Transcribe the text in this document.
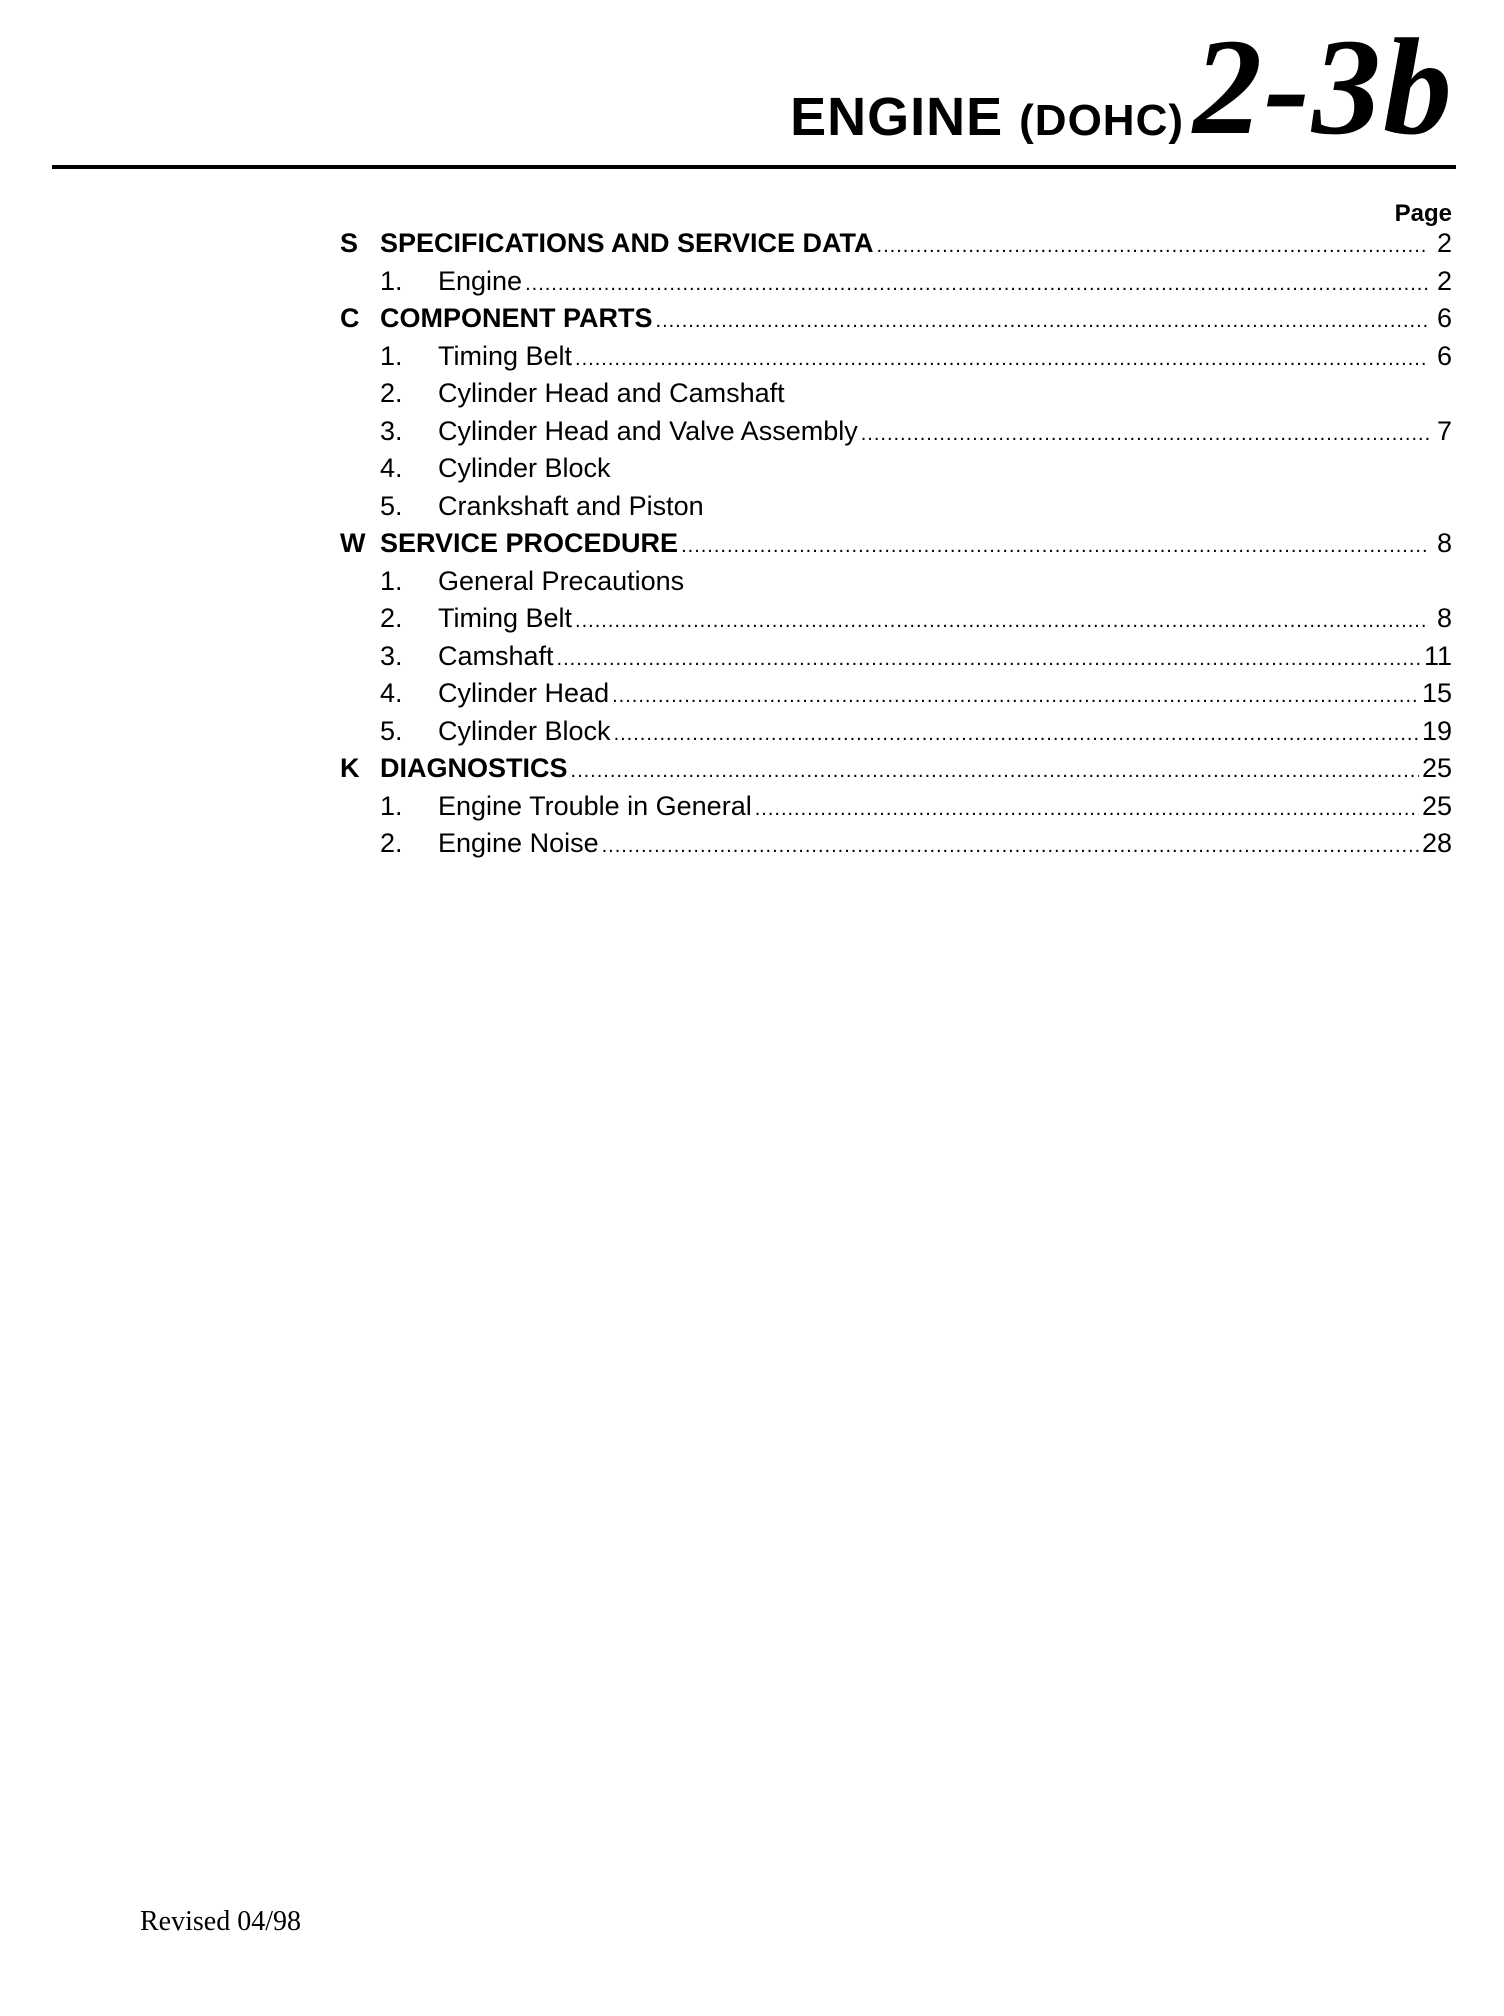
ENGINE (DOHC) 2-3b
Page
S SPECIFICATIONS AND SERVICE DATA .....	2
1.	Engine .....	2
C COMPONENT PARTS .....	6
1.	Timing Belt .....	6
2.	Cylinder Head and Camshaft
3.	Cylinder Head and Valve Assembly .....	7
4.	Cylinder Block
5.	Crankshaft and Piston
W SERVICE PROCEDURE .....	8
1.	General Precautions
2.	Timing Belt .....	8
3.	Camshaft .....	11
4.	Cylinder Head .....	15
5.	Cylinder Block .....	19
K DIAGNOSTICS .....	25
1.	Engine Trouble in General .....	25
2.	Engine Noise .....	28
Revised 04/98
